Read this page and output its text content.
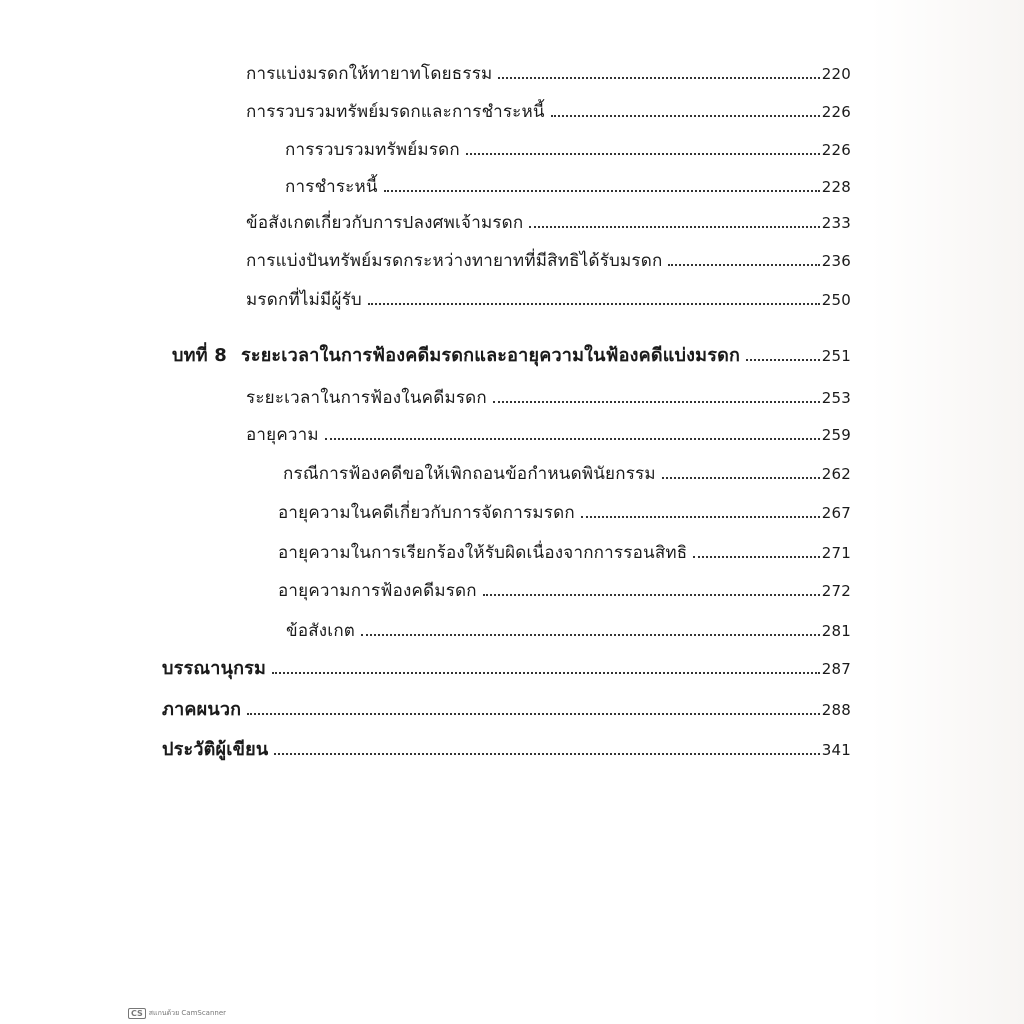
การแบ่งมรดกให้ทายาทโดยธรรม	220
การรวบรวมทรัพย์มรดกและการชำระหนี้	226
การรวบรวมทรัพย์มรดก	226
การชำระหนี้	228
ข้อสังเกตเกี่ยวกับการปลงศพเจ้ามรดก	233
การแบ่งปันทรัพย์มรดกระหว่างทายาทที่มีสิทธิได้รับมรดก	236
มรดกที่ไม่มีผู้รับ	250
บทที่ 8 ระยะเวลาในการฟ้องคดีมรดกและอายุความในฟ้องคดีแบ่งมรดก	251
ระยะเวลาในการฟ้องในคดีมรดก	253
อายุความ	259
กรณีการฟ้องคดีขอให้เพิกถอนข้อกำหนดพินัยกรรม	262
อายุความในคดีเกี่ยวกับการจัดการมรดก	267
อายุความในการเรียกร้องให้รับผิดเนื่องจากการรอนสิทธิ	271
อายุความการฟ้องคดีมรดก	272
ข้อสังเกต	281
บรรณานุกรม	287
ภาคผนวก	288
ประวัติผู้เขียน	341
CS สแกนด้วย CamScanner
